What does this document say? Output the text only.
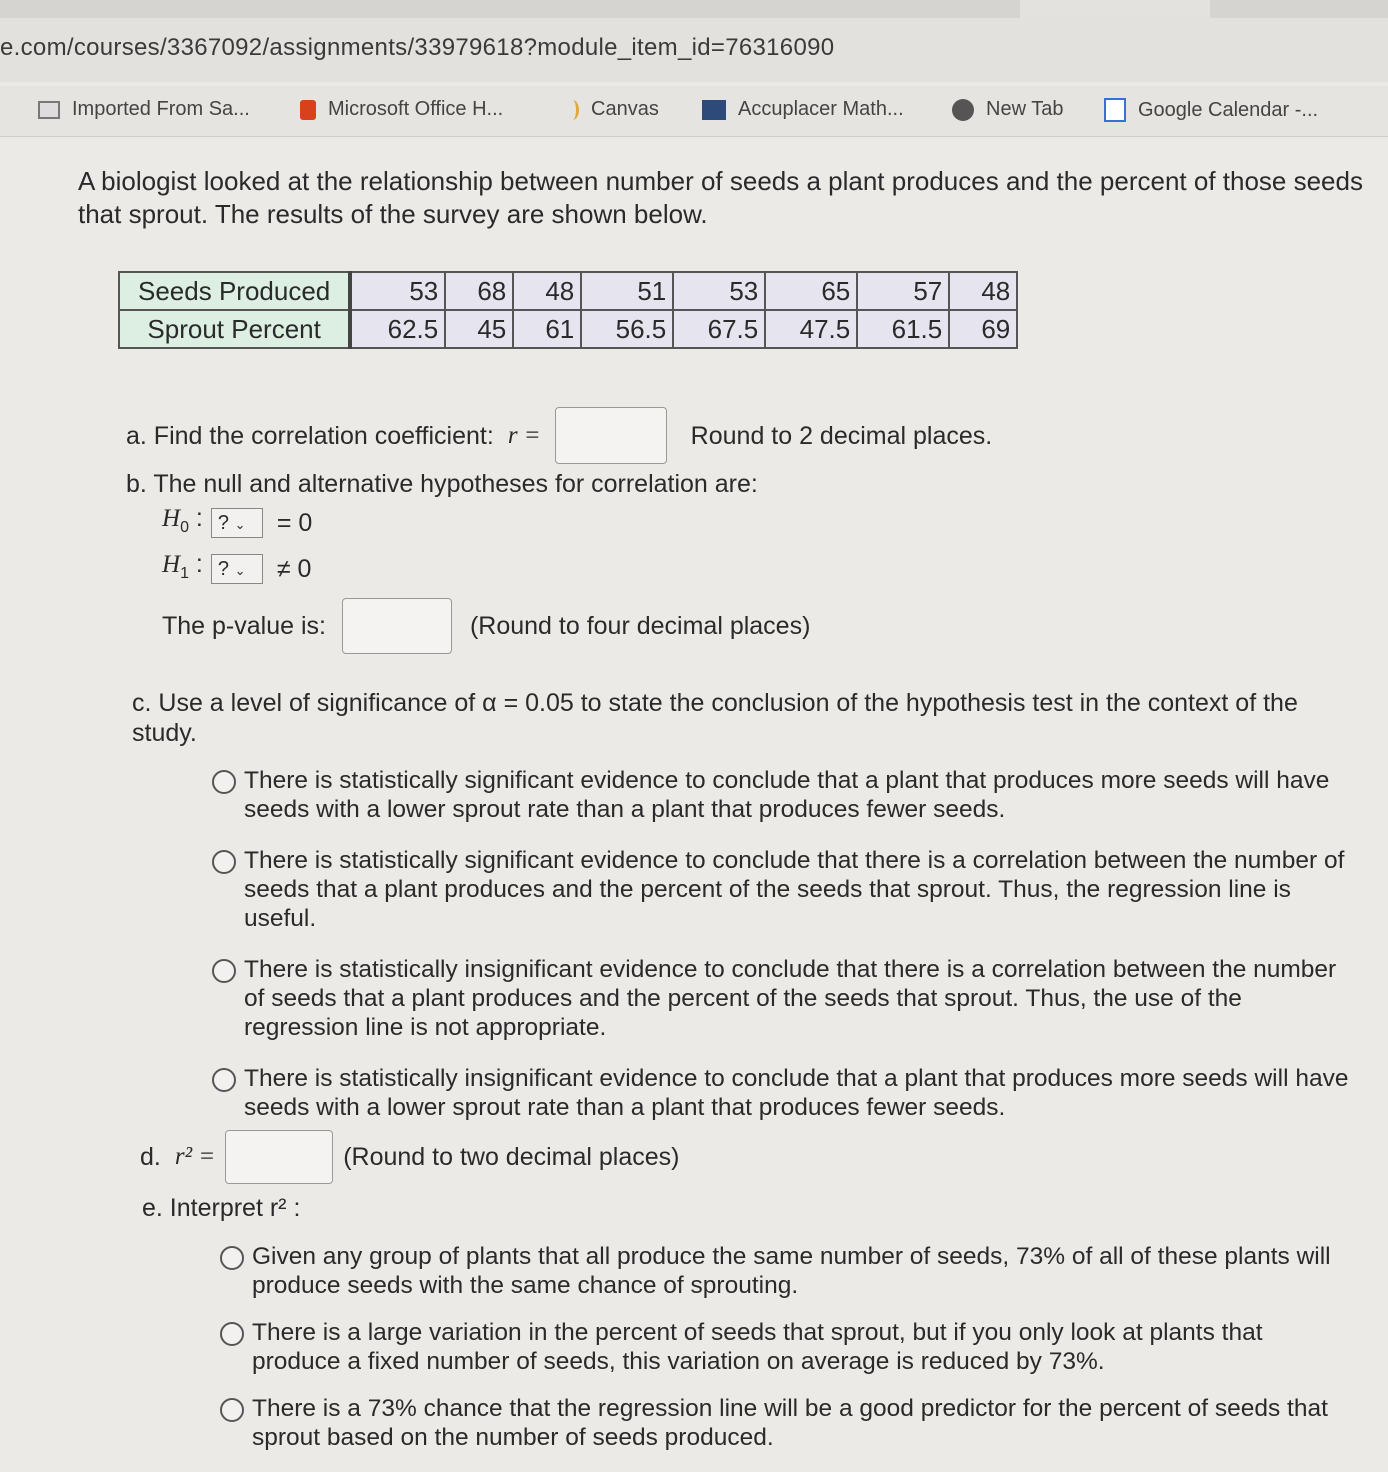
e.com/courses/3367092/assignments/33979618?module_item_id=76316090
Imported From Sa...	Microsoft Office H...	Canvas	Accuplacer Math...	New Tab	Google Calendar -...
A biologist looked at the relationship between number of seeds a plant produces and the percent of those seeds that sprout. The results of the survey are shown below.
Seeds Produced	53	68	48	51	53	65	57	48
Sprout Percent	62.5	45	61	56.5	67.5	47.5	61.5	69
a. Find the correlation coefficient: r =	Round to 2 decimal places.
b. The null and alternative hypotheses for correlation are:
$H_0$ : ? ⌄	= 0
$H_1$ : ? ⌄	≠ 0
The p-value is:	(Round to four decimal places)
c. Use a level of significance of α = 0.05 to state the conclusion of the hypothesis test in the context of the study.
There is statistically significant evidence to conclude that a plant that produces more seeds will have seeds with a lower sprout rate than a plant that produces fewer seeds.
There is statistically significant evidence to conclude that there is a correlation between the number of seeds that a plant produces and the percent of the seeds that sprout. Thus, the regression line is useful.
There is statistically insignificant evidence to conclude that there is a correlation between the number of seeds that a plant produces and the percent of the seeds that sprout. Thus, the use of the regression line is not appropriate.
There is statistically insignificant evidence to conclude that a plant that produces more seeds will have seeds with a lower sprout rate than a plant that produces fewer seeds.
d. r² =	(Round to two decimal places)
e. Interpret r² :
Given any group of plants that all produce the same number of seeds, 73% of all of these plants will produce seeds with the same chance of sprouting.
There is a large variation in the percent of seeds that sprout, but if you only look at plants that produce a fixed number of seeds, this variation on average is reduced by 73%.
There is a 73% chance that the regression line will be a good predictor for the percent of seeds that sprout based on the number of seeds produced.
